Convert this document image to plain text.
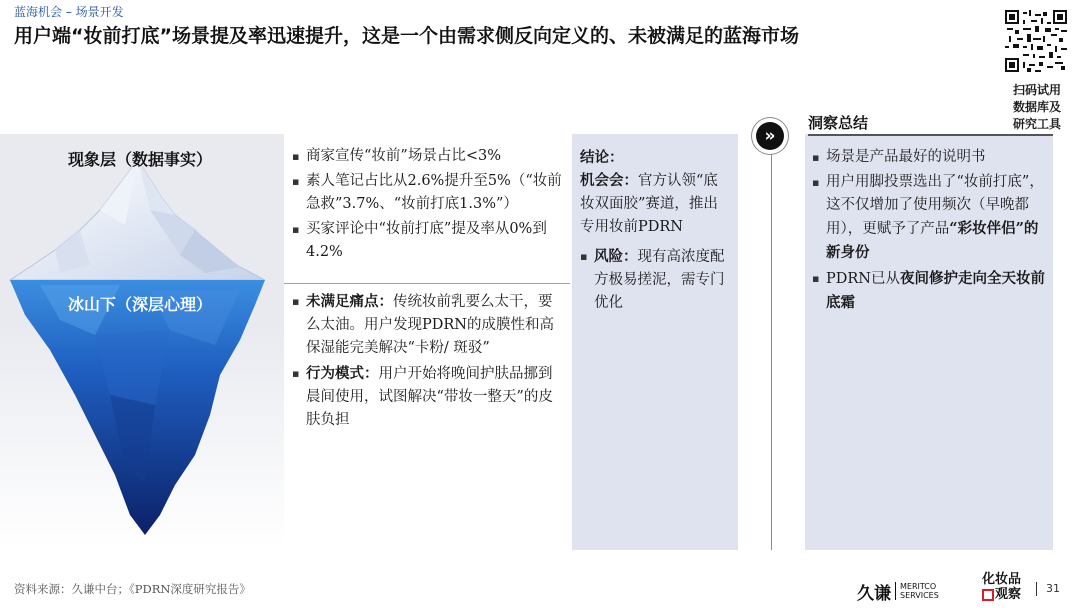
蓝海机会 – 场景开发
用户端“妆前打底”场景提及率迅速提升，这是一个由需求侧反向定义的、未被满足的蓝海市场
扫码试用
数据库及
研究工具
现象层（数据事实）
冰山下（深层心理）
▪ 商家宣传“妆前”场景占比<3%
▪ 素人笔记占比从2.6%提升至5%（“妆前急救”3.7%、“妆前打底1.3%”）
▪ 买家评论中“妆前打底”提及率从0%到4.2%
▪ 未满足痛点：传统妆前乳要么太干，要么太油。用户发现PDRN的成膜性和高保湿能完美解决“卡粉/ 斑驳”
▪ 行为模式：用户开始将晚间护肤品挪到晨间使用，试图解决“带妆一整天”的皮肤负担
结论：
机会会：官方认领“底妆双面胶”赛道，推出专用妆前PDRN
▪ 风险：现有高浓度配方极易搓泥，需专门优化
»
洞察总结
▪ 场景是产品最好的说明书
▪ 用户用脚投票选出了“妆前打底”，这不仅增加了使用频次（早晚都用），更赋予了产品“彩妆伴侣”的新身份
▪ PDRN已从夜间修护走向全天妆前底霜
资料来源：久谦中台；《PDRN深度研究报告》	久谦	MERITCO
SERVICES
化妆品
观察	31
